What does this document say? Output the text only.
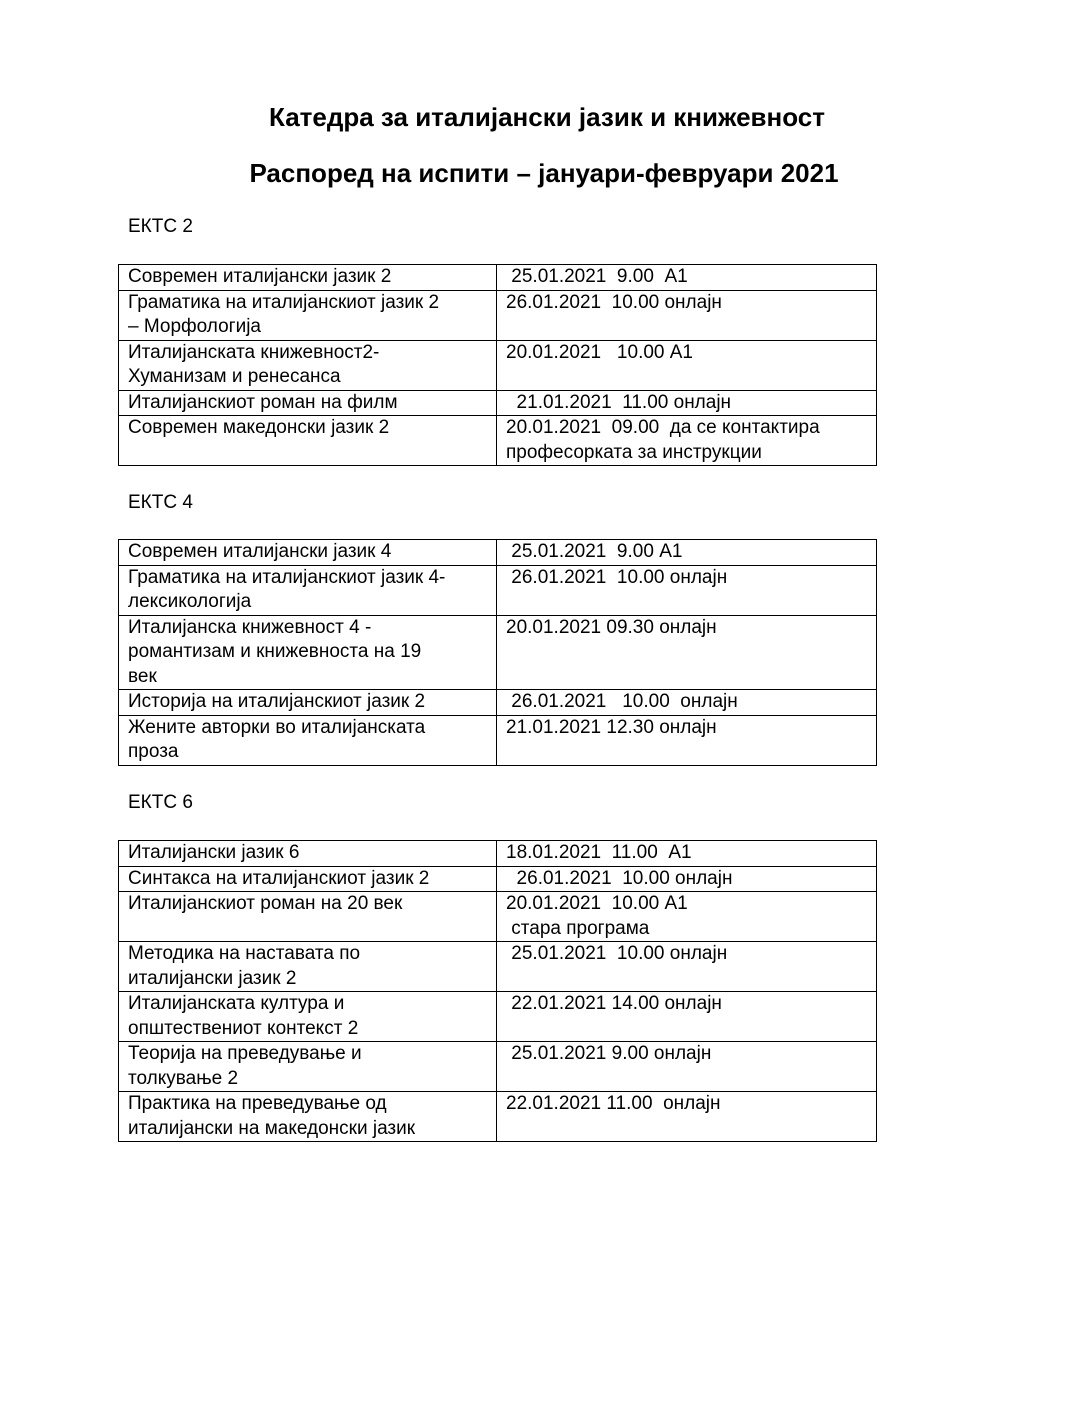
Катедра за италијански јазик и книжевност
Распоред на испити – јануари-февруари 2021
ЕКТС 2
Современ италијански јазик 2	25.01.2021  9.00  А1

Граматика на италијанскиот јазик 2
– Морфологија	26.01.2021  10.00 онлајн

Италијанската книжевност2-
Хуманизам и ренесанса	20.01.2021   10.00 А1

Италијанскиот роман на филм	21.01.2021  11.00 онлајн

Современ македонски јазик 2	20.01.2021  09.00  да се контактира
професорката за инструкции
ЕКТС 4
Современ италијански јазик 4	25.01.2021  9.00 А1

Граматика на италијанскиот јазик 4-
лексикологија	26.01.2021  10.00 онлајн

Италијанска книжевност 4 -
романтизам и книжевноста на 19
век	20.01.2021 09.30 онлајн

Историја на италијанскиот јазик 2	26.01.2021   10.00  онлајн

Жените авторки во италијанската
проза	21.01.2021 12.30 онлајн
ЕКТС 6
Италијански јазик 6	18.01.2021  11.00  А1

Синтакса на италијанскиот јазик 2	26.01.2021  10.00 онлајн

Италијанскиот роман на 20 век	20.01.2021  10.00 А1
стара програма

Методика на наставата по
италијански јазик 2	25.01.2021  10.00 онлајн

Италијанската култура и
општествениот контекст 2	22.01.2021 14.00 онлајн

Теорија на преведување и
толкување 2	25.01.2021 9.00 онлајн

Практика на преведување од
италијански на македонски јазик	22.01.2021 11.00  онлајн
